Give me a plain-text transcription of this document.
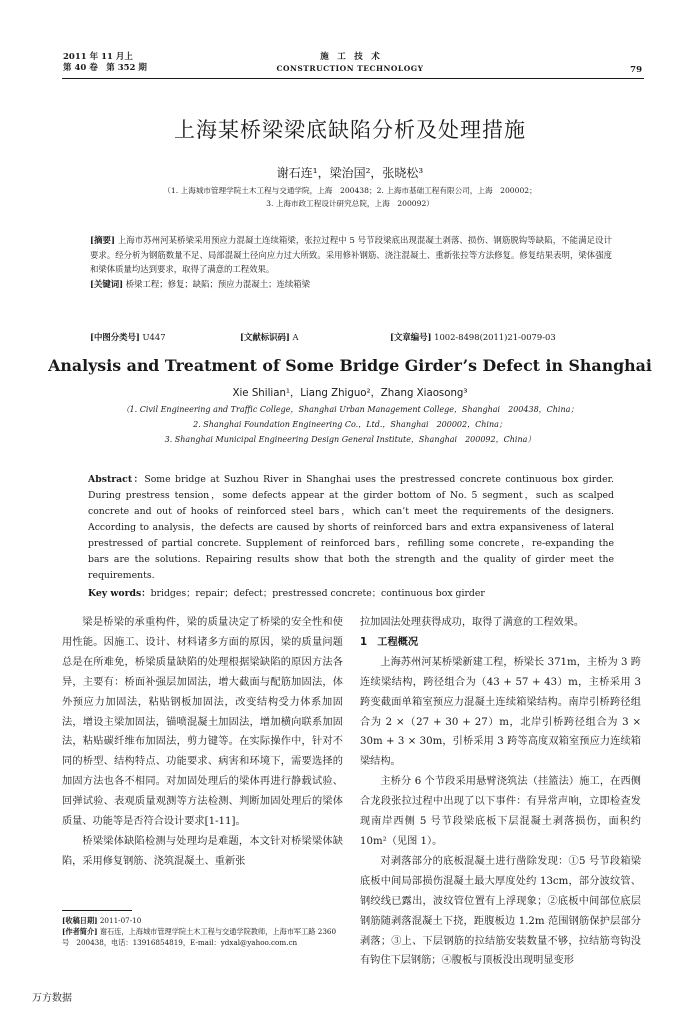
2011 年 11 月上
第 40 卷　第 352 期
施　工　技　术
CONSTRUCTION TECHNOLOGY	79
上海某桥梁梁底缺陷分析及处理措施
谢石连¹，梁治国²，张晓松³
（1. 上海城市管理学院土木工程与交通学院，上海　200438；2. 上海市基础工程有限公司，上海　200002；
3. 上海市政工程设计研究总院，上海　200092）
[摘要] 上海市苏州河某桥梁采用预应力混凝土连续箱梁，张拉过程中 5 号节段梁底出现混凝土剥落、损伤、钢筋脱钩等缺陷，不能满足设计要求。经分析为钢筋数量不足、局部混凝土径向应力过大所致。采用修补钢筋、浇注混凝土、重新张拉等方法修复。修复结果表明，梁体强度和梁体质量均达到要求，取得了满意的工程效果。
[关键词] 桥梁工程；修复；缺陷；预应力混凝土；连续箱梁
[中图分类号] U447	[文献标识码] A	[文章编号] 1002-8498(2011)21-0079-03
Analysis and Treatment of Some Bridge Girder’s Defect in Shanghai
Xie Shilian¹，Liang Zhiguo²，Zhang Xiaosong³
（1. Civil Engineering and Traffic College，Shanghai Urban Management College，Shanghai　200438，China；
2. Shanghai Foundation Engineering Co.，Ltd.，Shanghai　200002，China；
3. Shanghai Municipal Engineering Design General Institute，Shanghai　200092，China）
Abstract：Some bridge at Suzhou River in Shanghai uses the prestressed concrete continuous box girder. During prestress tension，some defects appear at the girder bottom of No. 5 segment，such as scalped concrete and out of hooks of reinforced steel bars，which can’t meet the requirements of the designers. According to analysis，the defects are caused by shorts of reinforced bars and extra expansiveness of lateral prestressed of partial concrete. Supplement of reinforced bars，refilling some concrete，re-expanding the bars are the solutions. Repairing results show that both the strength and the quality of girder meet the requirements.
Key words：bridges；repair；defect；prestressed concrete；continuous box girder

梁是桥梁的承重构件，梁的质量决定了桥梁的安全性和使用性能。因施工、设计、材料诸多方面的原因，梁的质量问题总是在所难免，桥梁质量缺陷的处理根据梁缺陷的原因方法各异，主要有：桥面补强层加固法，增大截面与配筋加固法，体外预应力加固法，粘贴钢板加固法，改变结构受力体系加固法，增设主梁加固法，锚喷混凝土加固法，增加横向联系加固法，粘贴碳纤维布加固法，剪力键等。在实际操作中，针对不同的桥型、结构特点、功能要求、病害和环境下，需要选择的加固方法也各不相同。对加固处理后的梁体再进行静载试验、回弹试验、表观质量观测等方法检测、判断加固处理后的梁体质量、功能等是否符合设计要求[1-11]。

桥梁梁体缺陷检测与处理均是难题，本文针对桥梁梁体缺陷，采用修复钢筋、浇筑混凝土、重新张

拉加固法处理获得成功，取得了满意的工程效果。

1　工程概况

上海苏州河某桥梁新建工程，桥梁长 371m，主桥为 3 跨连续梁结构，跨径组合为（43 + 57 + 43）m，主桥采用 3 跨变截面单箱室预应力混凝土连续箱梁结构。南岸引桥跨径组合为 2 ×（27 + 30 + 27）m，北岸引桥跨径组合为 3 × 30m + 3 × 30m，引桥采用 3 跨等高度双箱室预应力连续箱梁结构。

主桥分 6 个节段采用悬臂浇筑法（挂篮法）施工，在西侧合龙段张拉过程中出现了以下事件：有异常声响，立即检查发现南岸西侧 5 号节段梁底板下层混凝土剥落损伤，面积约 10m²（见图 1）。

对剥落部分的底板混凝土进行凿除发现：①5 号节段箱梁底板中间局部损伤混凝土最大厚度处约 13cm，部分波纹管、钢绞线已露出，波纹管位置有上浮现象；②底板中间部位底层钢筋随剥落混凝土下挠，距腹板边 1.2m 范围钢筋保护层部分剥落；③上、下层钢筋的拉结筋安装数量不够，拉结筋弯钩没有钩住下层钢筋；④腹板与顶板没出现明显变形

[收稿日期] 2011-07-10
[作者简介] 谢石连，上海城市管理学院土木工程与交通学院教师，上海市军工路 2360 号　200438，电话：13916854819，E-mail：ydxal@yahoo.com.cn
万方数据
